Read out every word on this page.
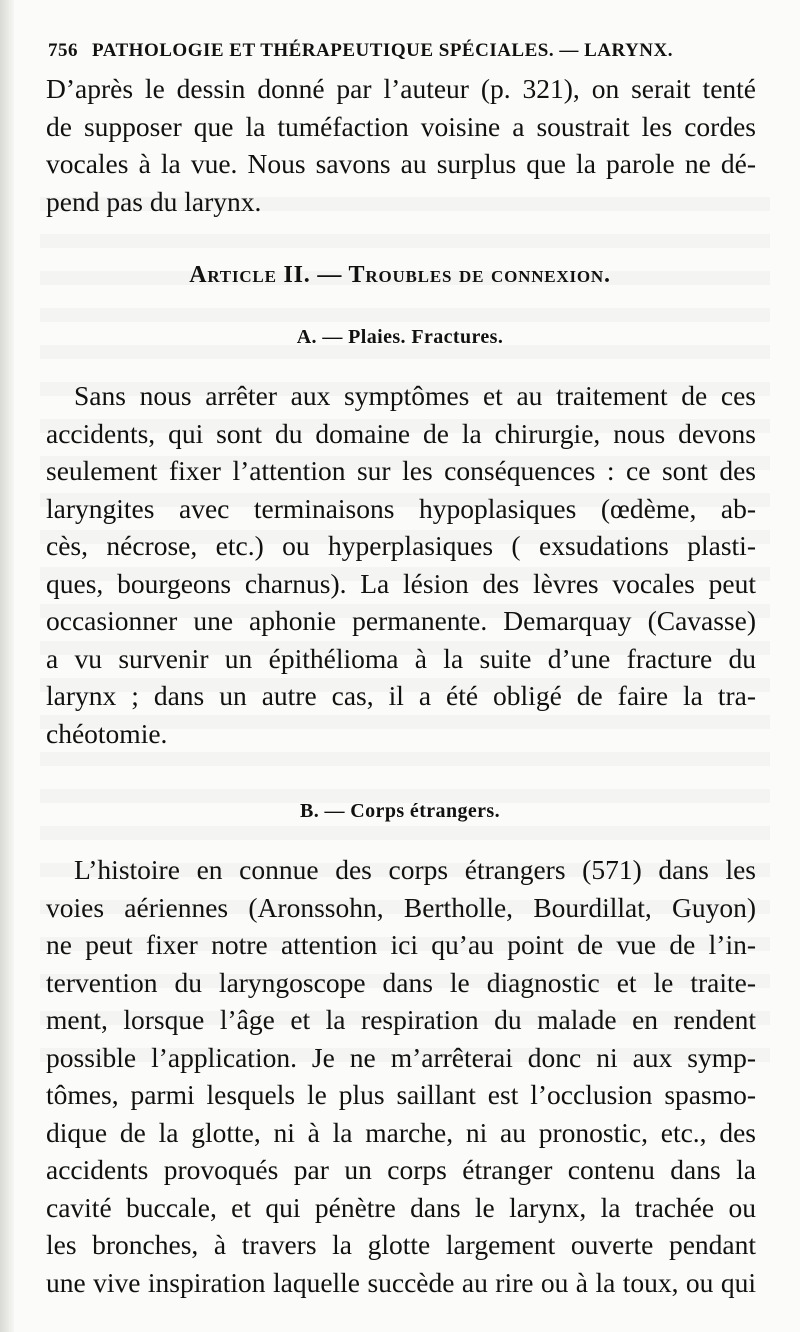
756 PATHOLOGIE ET THÉRAPEUTIQUE SPÉCIALES. — LARYNX.
D’après le dessin donné par l’auteur (p. 321), on serait tenté
de supposer que la tuméfaction voisine a soustrait les cordes
vocales à la vue. Nous savons au surplus que la parole ne dé-
pend pas du larynx.
Article II. — Troubles de connexion.
A. — Plaies. Fractures.
Sans nous arrêter aux symptômes et au traitement de ces
accidents, qui sont du domaine de la chirurgie, nous devons
seulement fixer l’attention sur les conséquences : ce sont des
laryngites avec terminaisons hypoplasiques (œdème, ab-
cès, nécrose, etc.) ou hyperplasiques ( exsudations plasti-
ques, bourgeons charnus). La lésion des lèvres vocales peut
occasionner une aphonie permanente. Demarquay (Cavasse)
a vu survenir un épithélioma à la suite d’une fracture du
larynx ; dans un autre cas, il a été obligé de faire la tra-
chéotomie.
B. — Corps étrangers.
L’histoire en connue des corps étrangers (571) dans les
voies aériennes (Aronssohn, Bertholle, Bourdillat, Guyon)
ne peut fixer notre attention ici qu’au point de vue de l’in-
tervention du laryngoscope dans le diagnostic et le traite-
ment, lorsque l’âge et la respiration du malade en rendent
possible l’application. Je ne m’arrêterai donc ni aux symp-
tômes, parmi lesquels le plus saillant est l’occlusion spasmo-
dique de la glotte, ni à la marche, ni au pronostic, etc., des
accidents provoqués par un corps étranger contenu dans la
cavité buccale, et qui pénètre dans le larynx, la trachée ou
les bronches, à travers la glotte largement ouverte pendant
une vive inspiration laquelle succède au rire ou à la toux, ou qui
